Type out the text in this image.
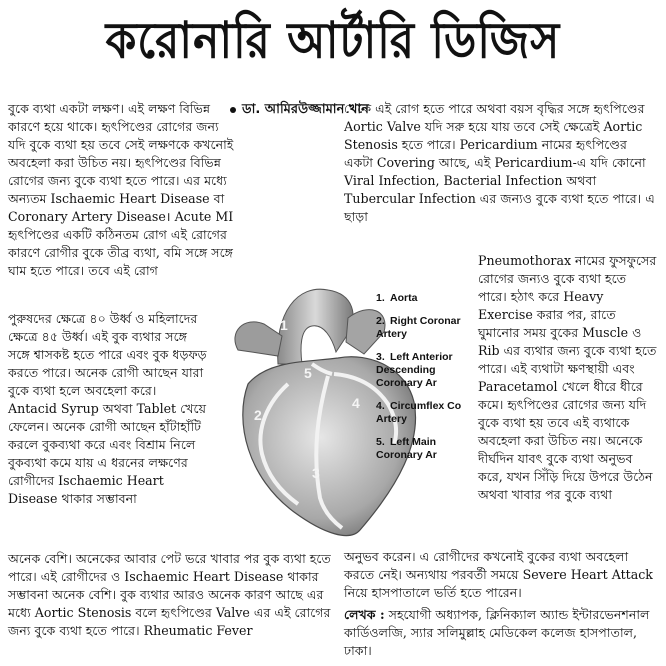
করোনারি আর্টারি ডিজিস
ডা. আমিরউজ্জামান খান

বুকে ব্যথা একটা লক্ষণ। এই লক্ষণ বিভিন্ন কারণে হয়ে থাকে। হৃৎপিণ্ডের রোগের জন্য যদি বুকে ব্যথা হয় তবে সেই লক্ষণকে কখনোই অবহেলা করা উচিত নয়। হৃৎপিণ্ডের বিভিন্ন রোগের জন্য বুকে ব্যথা হতে পারে। এর মধ্যে অন্যতম Ischaemic Heart Disease বা Coronary Artery Disease। Acute MI হৃৎপিণ্ডের একটি কঠিনতম রোগ এই রোগের কারণে রোগীর বুকে তীব্র ব্যথা, বমি সঙ্গে সঙ্গে ঘাম হতে পারে। তবে এই রোগ

পুরুষদের ক্ষেত্রে ৪০ উর্ধ্ব ও মহিলাদের ক্ষেত্রে ৪৫ উর্ধ্ব। এই বুক ব্যথার সঙ্গে সঙ্গে শ্বাসকষ্ট হতে পারে এবং বুক ধড়ফড় করতে পারে। অনেক রোগী আছেন যারা বুকে ব্যথা হলে অবহেলা করে। Antacid Syrup অথবা Tablet খেয়ে ফেলেন। অনেক রোগী আছেন হাঁটাহাঁটি করলে বুকব্যথা করে এবং বিশ্রাম নিলে বুকব্যথা কমে যায় এ ধরনের লক্ষণের রোগীদের Ischaemic Heart Disease থাকার সম্ভাবনা

অনেক বেশি। অনেকের আবার পেট ভরে খাবার পর বুক ব্যথা হতে পারে। এই রোগীদের ও Ischaemic Heart Disease থাকার সম্ভাবনা অনেক বেশি। বুক ব্যথার আরও অনেক কারণ আছে এর মধ্যে Aortic Stenosis বলে হৃৎপিণ্ডের Valve এর এই রোগের জন্য বুকে ব্যথা হতে পারে। Rheumatic Fever

থেকে এই রোগ হতে পারে অথবা বয়স বৃদ্ধির সঙ্গে হৃৎপিণ্ডের Aortic Valve যদি সরু হয়ে যায় তবে সেই ক্ষেত্রেই Aortic Stenosis হতে পারে। Pericardium নামের হৃৎপিণ্ডের একটা Covering আছে, এই Pericardium-এ যদি কোনো Viral Infection, Bacterial Infection অথবা Tubercular Infection এর জন্যও বুকে ব্যথা হতে পারে। এ ছাড়া

Pneumothorax নামের ফুসফুসের রোগের জন্যও বুকে ব্যথা হতে পারে। হঠাৎ করে Heavy Exercise করার পর, রাতে ঘুমানোর সময় বুকের Muscle ও Rib এর ব্যথার জন্য বুকে ব্যথা হতে পারে। এই ব্যথাটা ক্ষণস্থায়ী এবং Paracetamol খেলে ধীরে ধীরে কমে। হৃৎপিণ্ডের রোগের জন্য যদি বুকে ব্যথা হয় তবে এই ব্যথাকে অবহেলা করা উচিত নয়। অনেকে দীর্ঘদিন যাবৎ বুকে ব্যথা অনুভব করে, যখন সিঁড়ি দিয়ে উপরে উঠেন অথবা খাবার পর বুকে ব্যথা

অনুভব করেন। এ রোগীদের কখনোই বুকের ব্যথা অবহেলা করতে নেই। অন্যথায় পরবর্তী সময়ে Severe Heart Attack নিয়ে হাসপাতালে ভর্তি হতে পারেন।

লেখক : সহযোগী অধ্যাপক, ক্লিনিক্যাল অ্যান্ড ইন্টারভেনশনাল কার্ডিওলজি, স্যার সলিমুল্লাহ মেডিকেল কলেজ হাসপাতাল, ঢাকা।

1
2
3
4
5
1. Aorta
2. Right Coronar Artery
3. Left Anterior Descending Coronary Ar
4. Circumflex Co Artery
5. Left Main Coronary Ar
